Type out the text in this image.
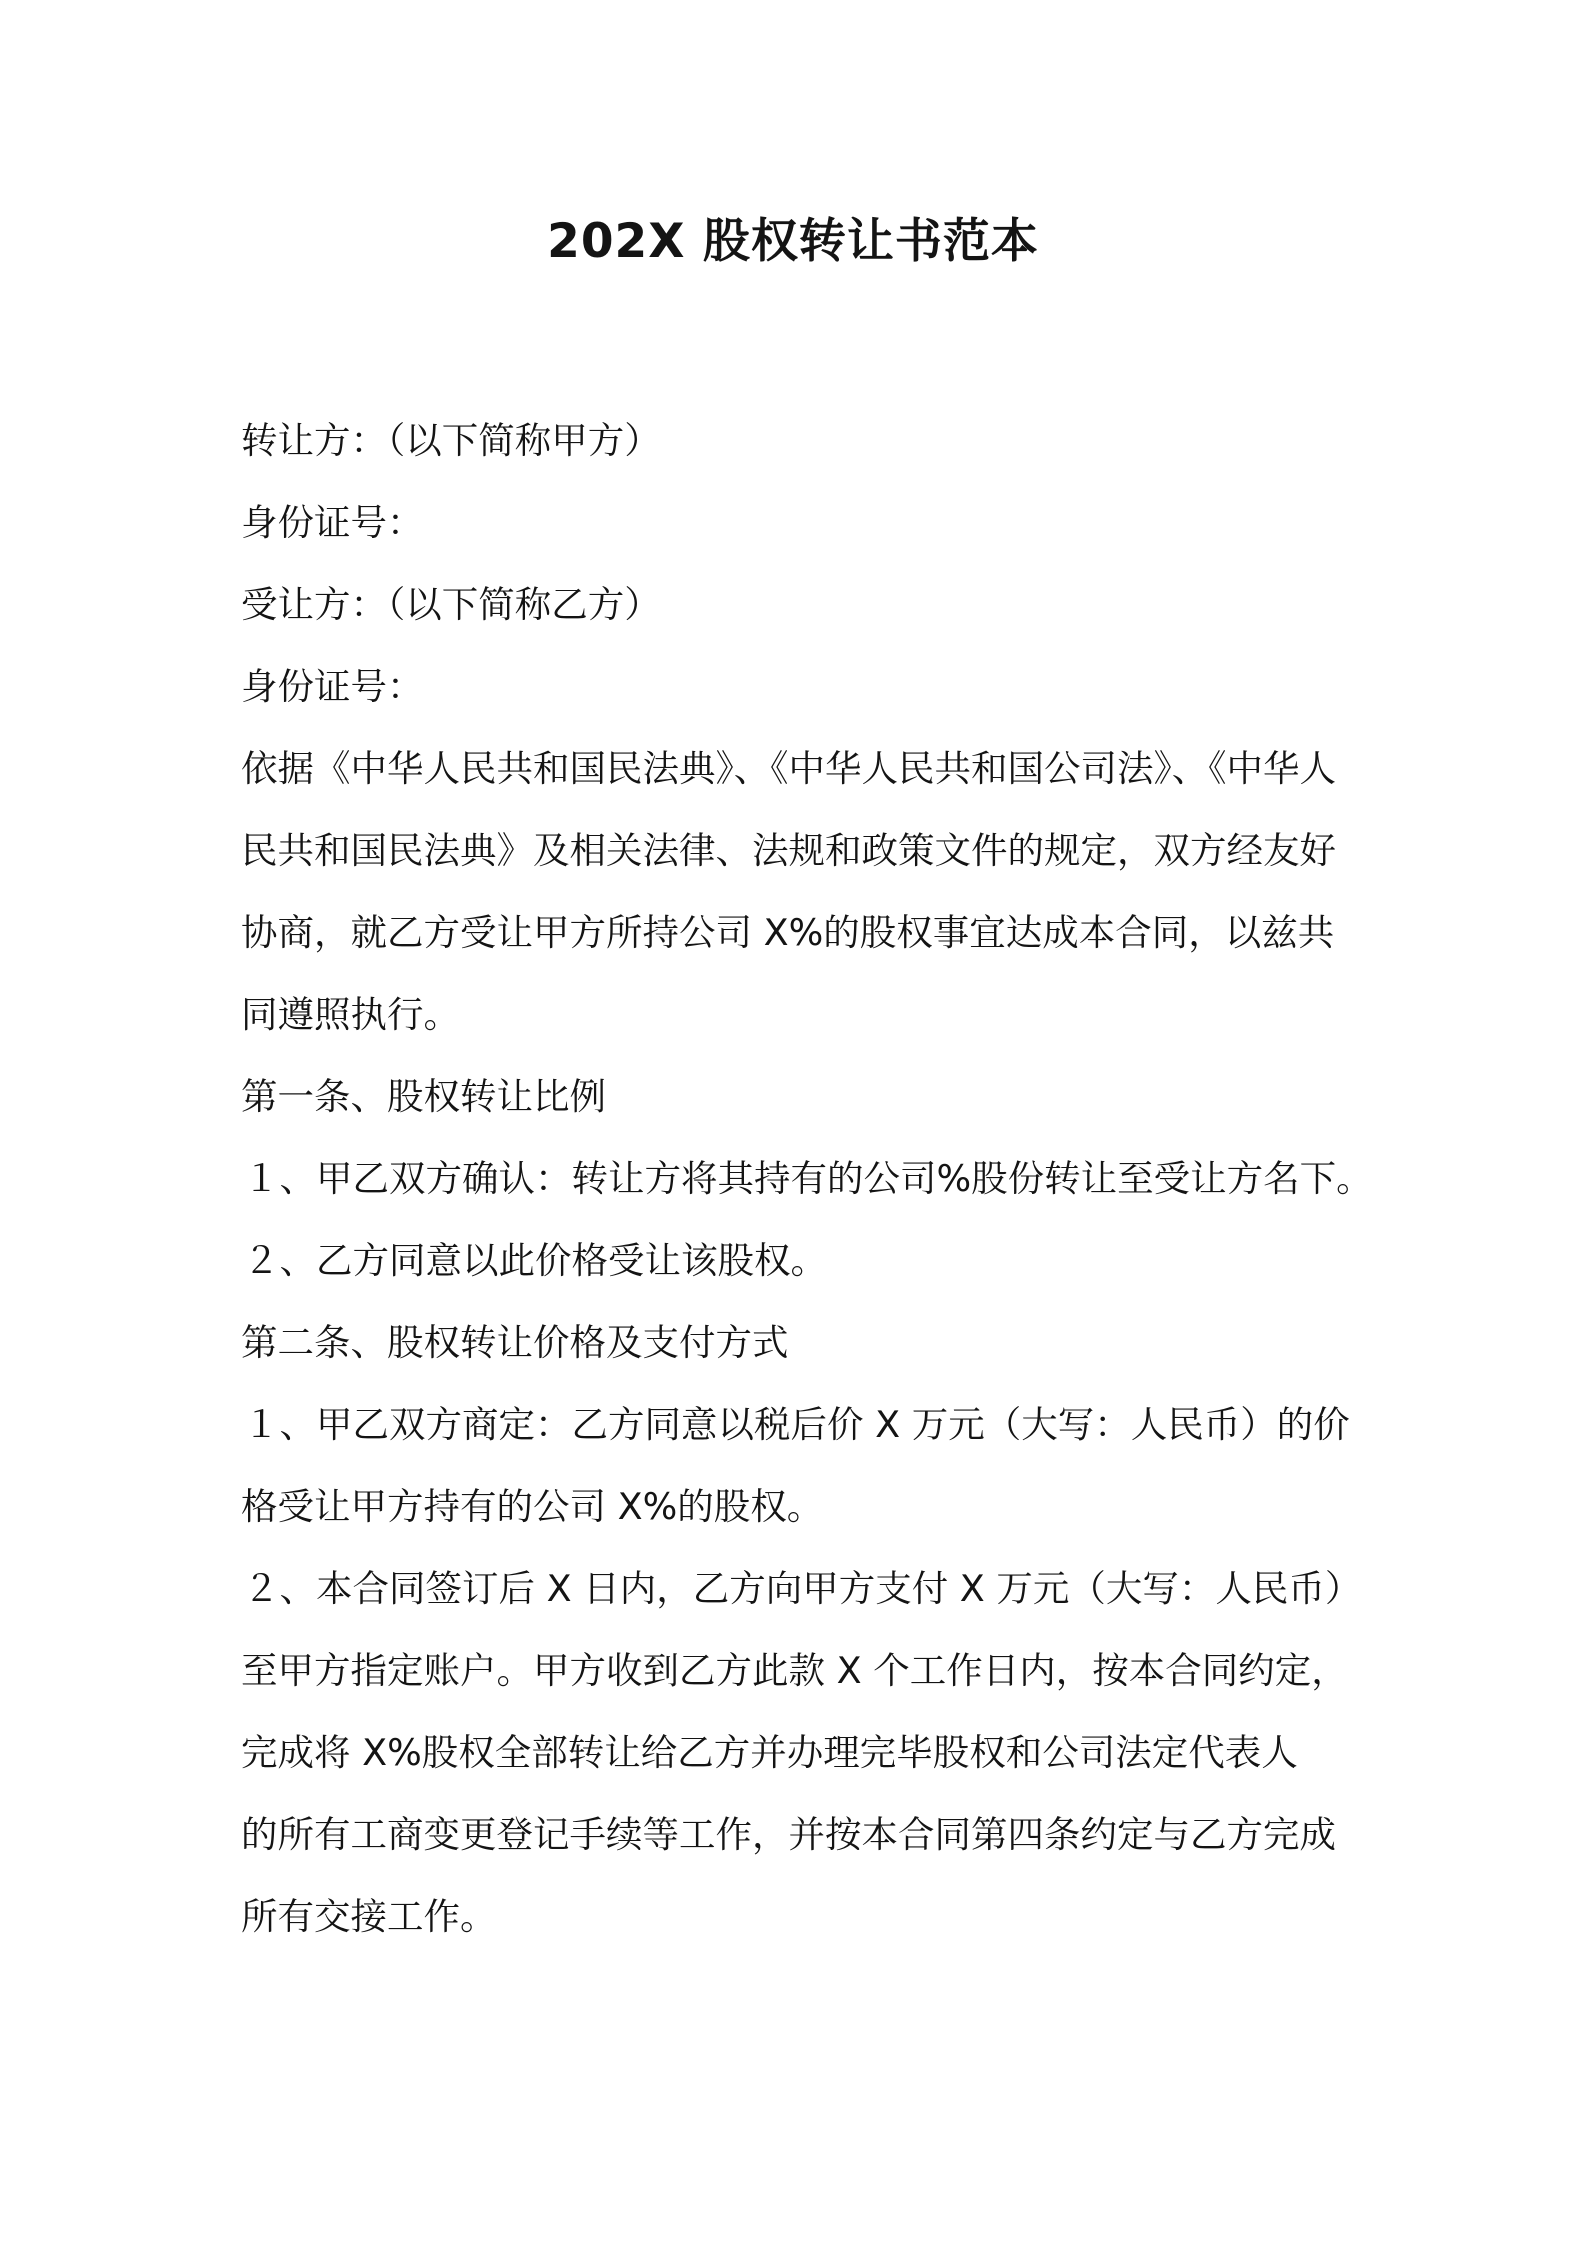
202X 股权转让书范本
转让方：（以下简称甲方）
身份证号：
受让方：（以下简称乙方）
身份证号：
依据《中华人民共和国民法典》、《中华人民共和国公司法》、《中华人
民共和国民法典》及相关法律、法规和政策文件的规定，双方经友好
协商，就乙方受让甲方所持公司 X%的股权事宜达成本合同，以兹共
同遵照执行。
第一条、股权转让比例
１、甲乙双方确认：转让方将其持有的公司%股份转让至受让方名下。
２、乙方同意以此价格受让该股权。
第二条、股权转让价格及支付方式
１、甲乙双方商定：乙方同意以税后价 X 万元（大写：人民币）的价
格受让甲方持有的公司 X%的股权。
２、本合同签订后 X 日内，乙方向甲方支付 X 万元（大写：人民币）
至甲方指定账户。甲方收到乙方此款 X 个工作日内，按本合同约定，
完成将 X%股权全部转让给乙方并办理完毕股权和公司法定代表人
的所有工商变更登记手续等工作，并按本合同第四条约定与乙方完成
所有交接工作。
